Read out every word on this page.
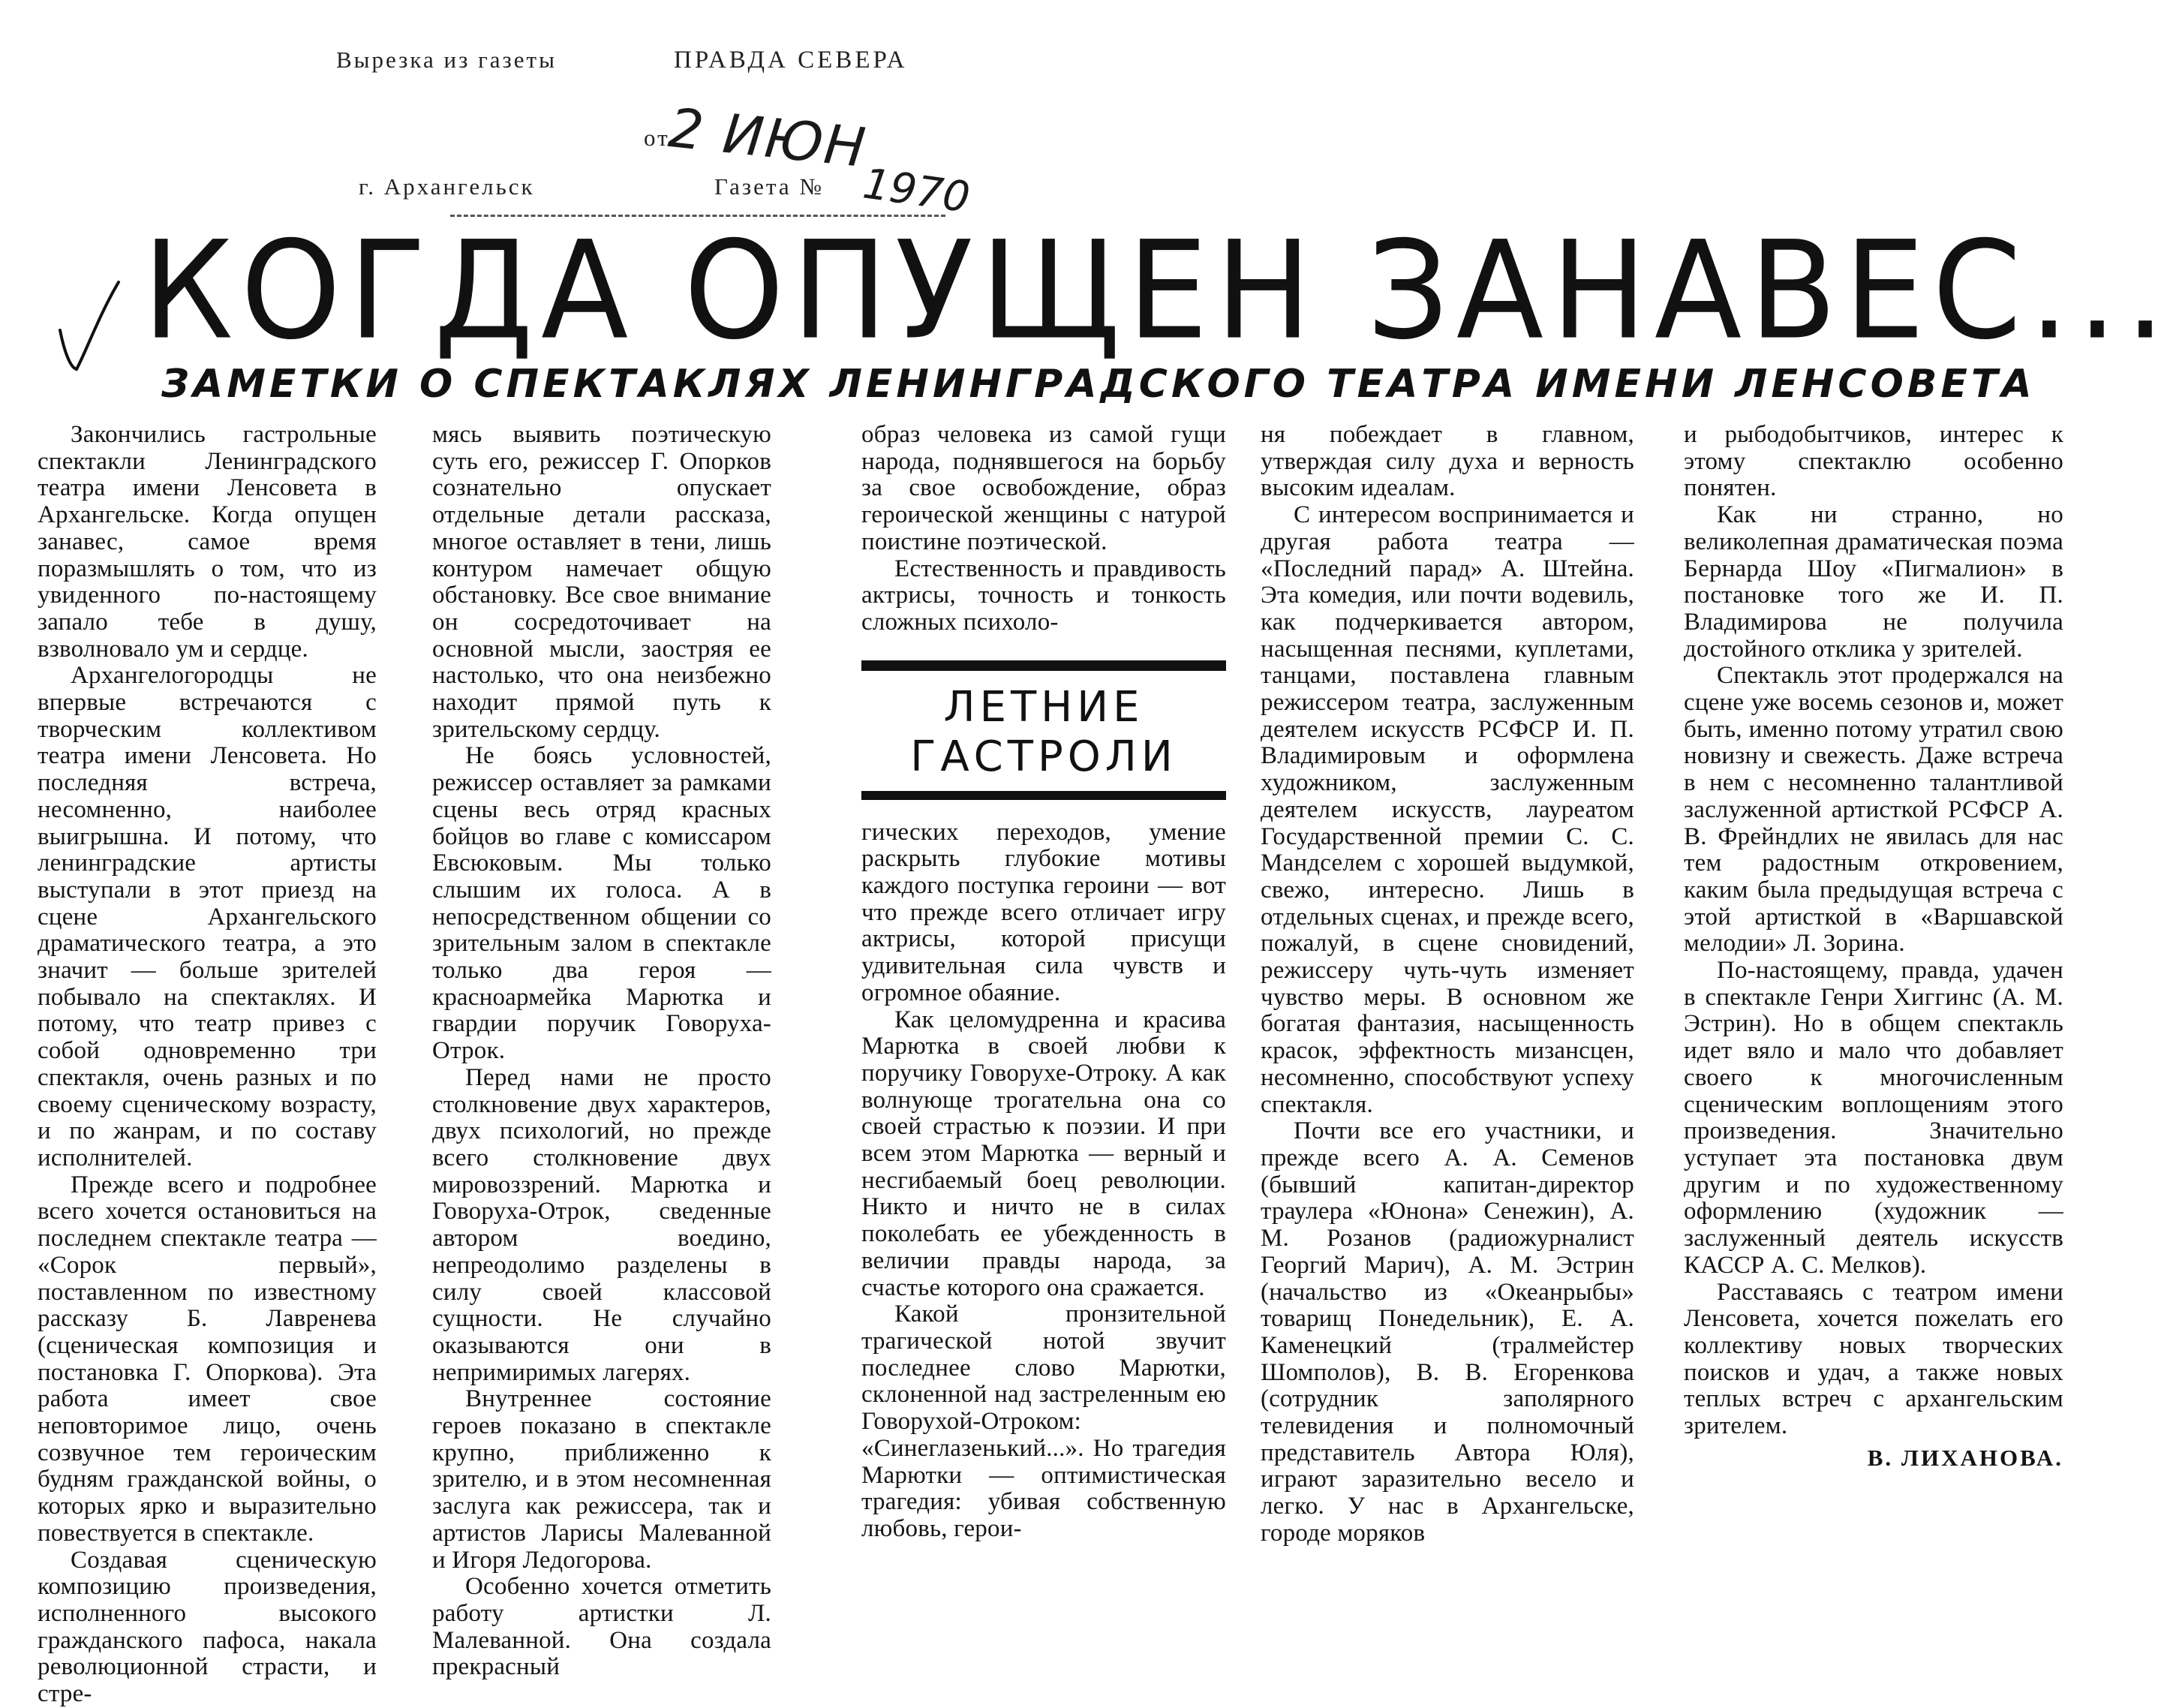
Вырезка из газеты	ПРАВДА СЕВЕРА
от
2 ИЮН
г. Архангельск	Газета № 1970
КОГДА ОПУЩЕН ЗАНАВЕС...
ЗАМЕТКИ О СПЕКТАКЛЯХ ЛЕНИНГРАДСКОГО ТЕАТРА ИМЕНИ ЛЕНСОВЕТА

Закончились гастрольные спектакли Ленинградского театра имени Ленсовета в Архангельске. Когда опущен занавес, самое время поразмышлять о том, что из увиденного по-настоящему запало тебе в душу, взволновало ум и сердце.

Архангелогородцы не впервые встречаются с творческим коллективом театра имени Ленсовета. Но последняя встреча, несомненно, наиболее выигрышна. И потому, что ленинградские артисты выступали в этот приезд на сцене Архангельского драматического театра, а это значит — больше зрителей побывало на спектаклях. И потому, что театр привез с собой одновременно три спектакля, очень разных и по своему сценическому возрасту, и по жанрам, и по составу исполнителей.

Прежде всего и подробнее всего хочется остановиться на последнем спектакле театра — «Сорок первый», поставленном по известному рассказу Б. Лавренева (сценическая композиция и постановка Г. Опоркова). Эта работа имеет свое неповторимое лицо, очень созвучное тем героическим будням гражданской войны, о которых ярко и выразительно повествуется в спектакле.

Создавая сценическую композицию произведения, исполненного высокого гражданского пафоса, накала революционной страсти, и стре-

мясь выявить поэтическую суть его, режиссер Г. Опорков сознательно опускает отдельные детали рассказа, многое оставляет в тени, лишь контуром намечает общую обстановку. Все свое внимание он сосредоточивает на основной мысли, заостряя ее настолько, что она неизбежно находит прямой путь к зрительскому сердцу.

Не боясь условностей, режиссер оставляет за рамками сцены весь отряд красных бойцов во главе с комиссаром Евсюковым. Мы только слышим их голоса. А в непосредственном общении со зрительным залом в спектакле только два героя — красноармейка Марютка и гвардии поручик Говоруха-Отрок.

Перед нами не просто столкновение двух характеров, двух психологий, но прежде всего столкновение двух мировоззрений. Марютка и Говоруха-Отрок, сведенные автором воедино, непреодолимо разделены в силу своей классовой сущности. Не случайно оказываются они в непримиримых лагерях.

Внутреннее состояние героев показано в спектакле крупно, приближенно к зрителю, и в этом несомненная заслуга как режиссера, так и артистов Ларисы Малеванной и Игоря Ледогорова.

Особенно хочется отметить работу артистки Л. Малеванной. Она создала прекрасный

образ человека из самой гущи народа, поднявшегося на борьбу за свое освобождение, образ героической женщины с натурой поистине поэтической.

Естественность и правдивость актрисы, точность и тонкость сложных психоло-

ЛЕТНИЕ
ГАСТРОЛИ

гических переходов, умение раскрыть глубокие мотивы каждого поступка героини — вот что прежде всего отличает игру актрисы, которой присущи удивительная сила чувств и огромное обаяние.

Как целомудренна и красива Марютка в своей любви к поручику Говорухе-Отроку. А как волнующе трогательна она со своей страстью к поэзии. И при всем этом Марютка — верный и несгибаемый боец революции. Никто и ничто не в силах поколебать ее убежденность в величии правды народа, за счастье которого она сражается.

Какой пронзительной трагической нотой звучит последнее слово Марютки, склоненной над застреленным ею Говорухой-Отроком: «Синеглазенький...». Но трагедия Марютки — оптимистическая трагедия: убивая собственную любовь, герои-

ня побеждает в главном, утверждая силу духа и верность высоким идеалам.

С интересом воспринимается и другая работа театра — «Последний парад» А. Штейна. Эта комедия, или почти водевиль, как подчеркивается автором, насыщенная песнями, куплетами, танцами, поставлена главным режиссером театра, заслуженным деятелем искусств РСФСР И. П. Владимировым и оформлена художником, заслуженным деятелем искусств, лауреатом Государственной премии С. С. Мандселем с хорошей выдумкой, свежо, интересно. Лишь в отдельных сценах, и прежде всего, пожалуй, в сцене сновидений, режиссеру чуть-чуть изменяет чувство меры. В основном же богатая фантазия, насыщенность красок, эффектность мизансцен, несомненно, способствуют успеху спектакля.

Почти все его участники, и прежде всего А. А. Семенов (бывший капитан-директор траулера «Юнона» Сенежин), А. М. Розанов (радиожурналист Георгий Марич), А. М. Эстрин (начальство из «Океанрыбы» товарищ Понедельник), Е. А. Каменецкий (тралмейстер Шомполов), В. В. Егоренкова (сотрудник заполярного телевидения и полномочный представитель Автора Юля), играют заразительно весело и легко. У нас в Архангельске, городе моряков

и рыбодобытчиков, интерес к этому спектаклю особенно понятен.

Как ни странно, но великолепная драматическая поэма Бернарда Шоу «Пигмалион» в постановке того же И. П. Владимирова не получила достойного отклика у зрителей.

Спектакль этот продержался на сцене уже восемь сезонов и, может быть, именно потому утратил свою новизну и свежесть. Даже встреча в нем с несомненно талантливой заслуженной артисткой РСФСР А. В. Фрейндлих не явилась для нас тем радостным откровением, каким была предыдущая встреча с этой артисткой в «Варшавской мелодии» Л. Зорина.

По-настоящему, правда, удачен в спектакле Генри Хиггинс (А. М. Эстрин). Но в общем спектакль идет вяло и мало что добавляет своего к многочисленным сценическим воплощениям этого произведения. Значительно уступает эта постановка двум другим и по художественному оформлению (художник — заслуженный деятель искусств КАССР А. С. Мелков).

Расставаясь с театром имени Ленсовета, хочется пожелать его коллективу новых творческих поисков и удач, а также новых теплых встреч с архангельским зрителем.

В. ЛИХАНОВА.
